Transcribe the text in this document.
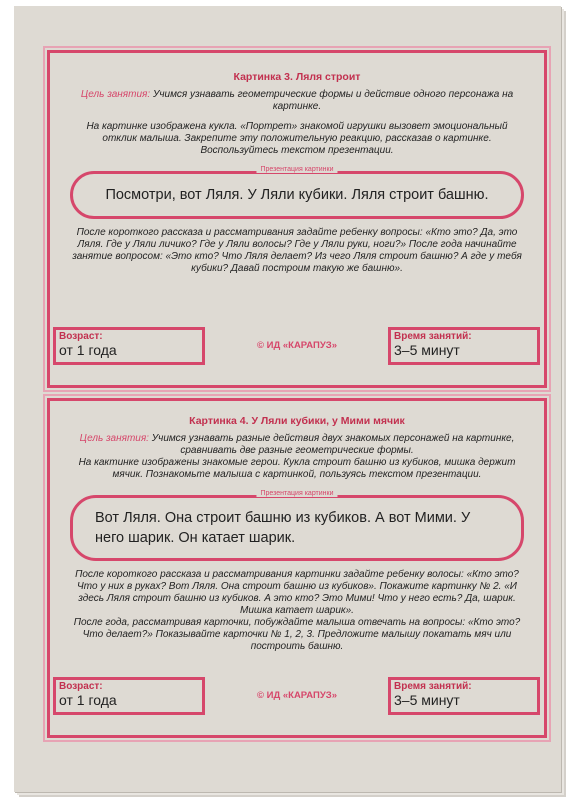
Картинка 3. Ляля строит
Цель занятия: Учимся узнавать геометрические формы и действие одного персонажа на картинке.
На картинке изображена кукла. «Портрет» знакомой игрушки вызовет эмоциональный отклик малыша. Закрепите эту положительную реакцию, рассказав о картинке. Воспользуйтесь текстом презентации.
Презентация картинки
Посмотри, вот Ляля. У Ляли кубики. Ляля строит башню.
После короткого рассказа и рассматривания задайте ребенку вопросы: «Кто это? Да, это Ляля. Где у Ляли личико? Где у Ляли волосы? Где у Ляли руки, ноги?» После года начинайте занятие вопросом: «Это кто? Что Ляля делает? Из чего Ляля строит башню? А где у тебя кубики? Давай построим такую же башню».
Возраст:
от 1 года	© ИД «КАРАПУЗ»
Время занятий:
3–5 минут
Картинка 4. У Ляли кубики, у Мими мячик
Цель занятия: Учимся узнавать разные действия двух знакомых персонажей на картинке, сравнивать две разные геометрические формы.
На кактинке изображены знакомые герои. Кукла строит башню из кубиков, мишка держит мячик. Познакомьте малыша с картинкой, пользуясь текстом презентации.
Презентация картинки
Вот Ляля. Она строит башню из кубиков. А вот Мими. У него шарик. Он катает шарик.
После короткого рассказа и рассматривания картинки задайте ребенку волосы: «Кто это? Что у них в руках? Вот Ляля. Она строит башню из кубиков». Покажите картинку № 2. «И здесь Ляля строит башню из кубиков. А это кто? Это Мими! Что у него есть? Да, шарик. Мишка катает шарик».
После года, рассматривая карточки, побуждайте малыша отвечать на вопросы: «Кто это? Что делает?» Показывайте карточки № 1, 2, 3. Предложите малышу покатать мяч или построить башню.
Возраст:
от 1 года	© ИД «КАРАПУЗ»
Время занятий:
3–5 минут
